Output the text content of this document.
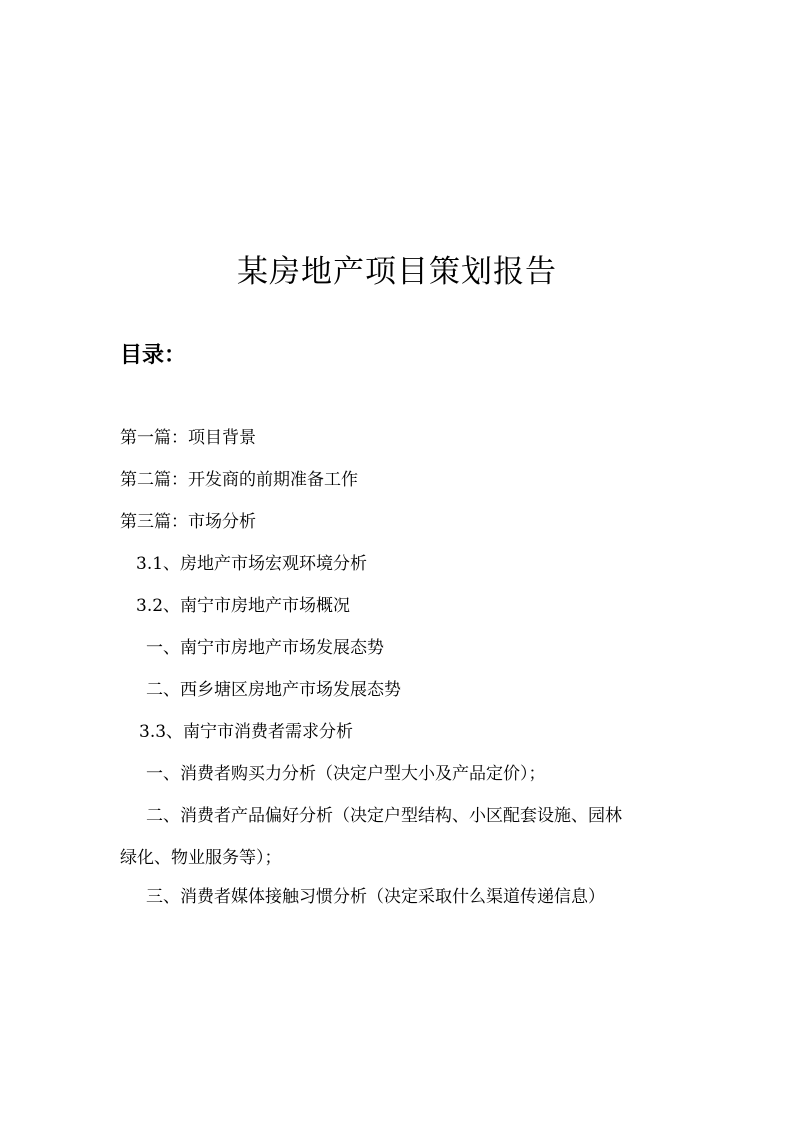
某房地产项目策划报告
目录：
第一篇：项目背景
第二篇：开发商的前期准备工作
第三篇：市场分析
3.1、房地产市场宏观环境分析
3.2、南宁市房地产市场概况
一、南宁市房地产市场发展态势
二、西乡塘区房地产市场发展态势
3.3、南宁市消费者需求分析
一、消费者购买力分析（决定户型大小及产品定价）；
二、消费者产品偏好分析（决定户型结构、小区配套设施、园林
绿化、物业服务等）；
三、消费者媒体接触习惯分析（决定采取什么渠道传递信息）
